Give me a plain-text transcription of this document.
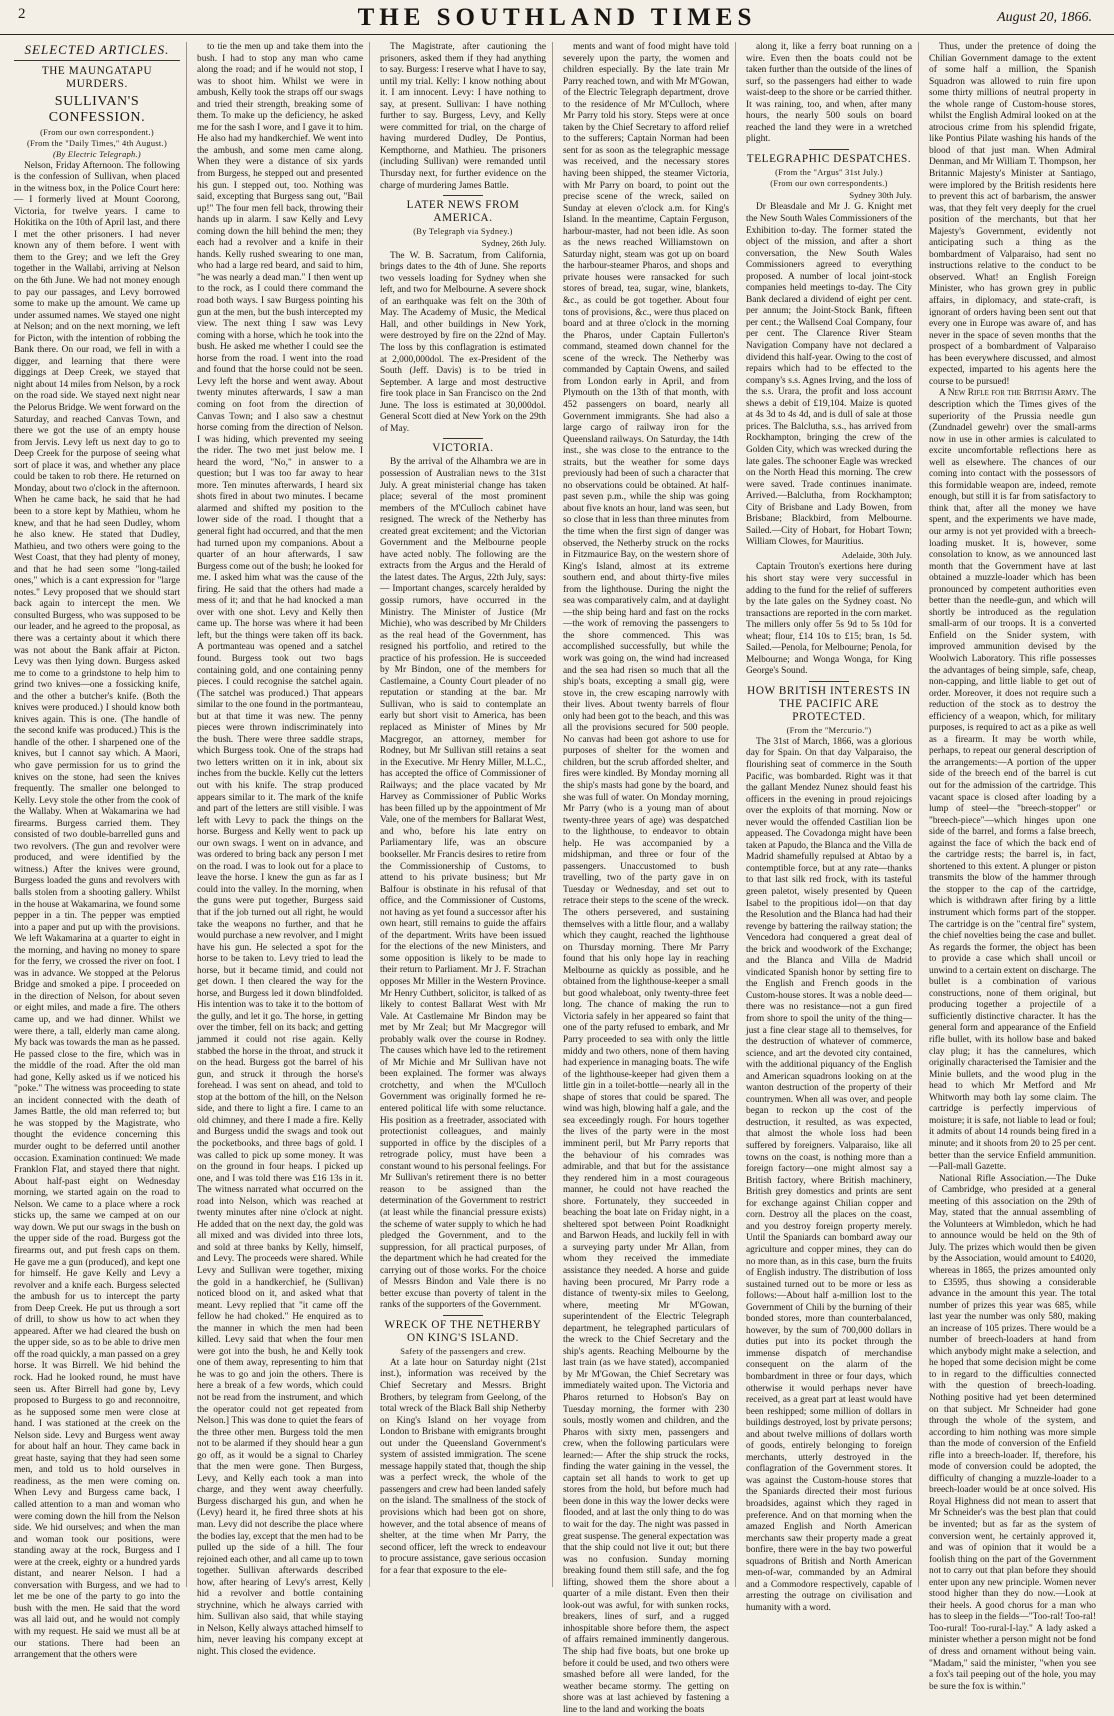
2	THE SOUTHLAND TIMES	August 20, 1866.
SELECTED ARTICLES.
THE MAUNGATAPU MURDERS.
SULLIVAN'S CONFESSION.
(From our own correspondent.)
(From the "Daily Times," 4th August.)
(By Electric Telegraph.)

Nelson, Friday Afternoon. The following is the confession of Sullivan, when placed in the witness box, in the Police Court here:— I formerly lived at Mount Coorong, Victoria, for twelve years. I came to Hokitika on the 10th of April last, and there I met the other prisoners. I had never known any of them before. I went with them to the Grey; and we left the Grey together in the Wallabi, arriving at Nelson on the 6th June. We had not money enough to pay our passages, and Levy borrowed some to make up the amount. We came up under assumed names. We stayed one night at Nelson; and on the next morning, we left for Picton, with the intention of robbing the Bank there. On our road, we fell in with a digger, and learning that there were diggings at Deep Creek, we stayed that night about 14 miles from Nelson, by a rock on the road side. We stayed next night near the Pelorus Bridge. We went forward on the Saturday, and reached Canvas Town, and there we got the use of an empty house from Jervis. Levy left us next day to go to Deep Creek for the purpose of seeing what sort of place it was, and whether any place could be taken to rob there. He returned on Monday, about two o'clock in the afternoon. When he came back, he said that he had been to a store kept by Mathieu, whom he knew, and that he had seen Dudley, whom he also knew. He stated that Dudley, Mathieu, and two others were going to the West Coast, that they had plenty of money, and that he had seen some "long-tailed ones," which is a cant expression for "large notes." Levy proposed that we should start back again to intercept the men. We consulted Burgess, who was supposed to be our leader, and he agreed to the proposal, as there was a certainty about it which there was not about the Bank affair at Picton. Levy was then lying down. Burgess asked me to come to a grindstone to help him to grind two knives—one a fossicking knife, and the other a butcher's knife. (Both the knives were produced.) I should know both knives again. This is one. (The handle of the second knife was produced.) This is the handle of the other. I sharpened one of the knives, but I cannot say which. A Maori, who gave permission for us to grind the knives on the stone, had seen the knives frequently. The smaller one belonged to Kelly. Levy stole the other from the cook of the Wallaby. When at Wakamarina we had firearms. Burgess carried them. They consisted of two double-barrelled guns and two revolvers. (The gun and revolver were produced, and were identified by the witness.) After the knives were ground, Burgess loaded the guns and revolvers with balls stolen from a shooting gallery. Whilst in the house at Wakamarina, we found some pepper in a tin. The pepper was emptied into a paper and put up with the provisions. We left Wakamarina at a quarter to eight in the morning, and having no money to spare for the ferry, we crossed the river on foot. I was in advance. We stopped at the Pelorus Bridge and smoked a pipe. I proceeded on in the direction of Nelson, for about seven or eight miles, and made a fire. The others came up, and we had dinner. Whilst we were there, a tall, elderly man came along. My back was towards the man as he passed. He passed close to the fire, which was in the middle of the road. After the old man had gone, Kelly asked us if we noticed his "poke." The witness was proceeding to state an incident connected with the death of James Battle, the old man referred to; but he was stopped by the Magistrate, who thought the evidence concerning this murder ought to be deferred until another occasion. Examination continued: We made Franklon Flat, and stayed there that night. About half-past eight on Wednesday morning, we started again on the road to Nelson. We came to a place where a rock sticks up, the same we camped at on our way down. We put our swags in the bush on the upper side of the road. Burgess got the firearms out, and put fresh caps on them. He gave me a gun (produced), and kept one for himself. He gave Kelly and Levy a revolver and a knife each. Burgess selected the ambush for us to intercept the party from Deep Creek. He put us through a sort of drill, to show us how to act when they appeared. After we had cleared the bush on the upper side, so as to be able to drive men off the road quickly, a man passed on a grey horse. It was Birrell. We hid behind the rock. Had he looked round, he must have seen us. After Birrell had gone by, Levy proposed to Burgess to go and reconnoitre, as he supposed some men were close at hand. I was stationed at the creek on the Nelson side. Levy and Burgess went away for about half an hour. They came back in great haste, saying that they had seen some men, and told us to hold ourselves in readiness, as the men were coming on. When Levy and Burgess came back, I called attention to a man and woman who were coming down the hill from the Nelson side. We hid ourselves; and when the man and woman took our positions, were standing away at the rock, Burgess and I were at the creek, eighty or a hundred yards distant, and nearer Nelson. I had a conversation with Burgess, and we had to let me be one of the party to go into the bush with the men. He said that the word was all laid out, and he would not comply with my request. He said we must all be at our stations. There had been an arrangement that the others were

to tie the men up and take them into the bush. I had to stop any man who came along the road; and if he would not stop, I was to shoot him. Whilst we were in ambush, Kelly took the straps off our swags and tried their strength, breaking some of them. To make up the deficiency, he asked me for the sash I wore, and I gave it to him. He also had my handkerchief. We went into the ambush, and some men came along. When they were a distance of six yards from Burgess, he stepped out and presented his gun. I stepped out, too. Nothing was said, excepting that Burgess sang out, "Bail up!" The four men fell back, throwing their hands up in alarm. I saw Kelly and Levy coming down the hill behind the men; they each had a revolver and a knife in their hands. Kelly rushed swearing to one man, who had a large red beard, and said to him, "he was nearly a dead man." I then went up to the rock, as I could there command the road both ways. I saw Burgess pointing his gun at the men, but the bush intercepted my view. The next thing I saw was Levy coming with a horse, which he took into the bush. He asked me whether I could see the horse from the road. I went into the road and found that the horse could not be seen. Levy left the horse and went away. About twenty minutes afterwards, I saw a man coming on foot from the direction of Canvas Town; and I also saw a chestnut horse coming from the direction of Nelson. I was hiding, which prevented my seeing the rider. The two met just below me. I heard the word, "No," in answer to a question; but I was too far away to hear more. Ten minutes afterwards, I heard six shots fired in about two minutes. I became alarmed and shifted my position to the lower side of the road. I thought that a general fight had occurred, and that the men had turned upon my companions. About a quarter of an hour afterwards, I saw Burgess come out of the bush; he looked for me. I asked him what was the cause of the firing. He said that the others had made a mess of it; and that he had knocked a man over with one shot. Levy and Kelly then came up. The horse was where it had been left, but the things were taken off its back. A portmanteau was opened and a satchel found. Burgess took out two bags containing gold, and one containing penny pieces. I could recognise the satchel again. (The satchel was produced.) That appears similar to the one found in the portmanteau, but at that time it was new. The penny pieces were thrown indiscriminately into the bush. There were three saddle straps, which Burgess took. One of the straps had two letters written on it in ink, about six inches from the buckle. Kelly cut the letters out with his knife. The strap produced appears similar to it. The mark of the knife and part of the letters are still visible. I was left with Levy to pack the things on the horse. Burgess and Kelly went to pack up our own swags. I went on in advance, and was ordered to bring back any person I met on the road. I was to look out for a place to leave the horse. I knew the gun as far as I could into the valley. In the morning, when the guns were put together, Burgess said that if the job turned out all right, he would take the weapons no further, and that he would purchase a new revolver, and I might have his gun. He selected a spot for the horse to be taken to. Levy tried to lead the horse, but it became timid, and could not get down. I then cleared the way for the horse, and Burgess led it down blindfolded. His intention was to take it to the bottom of the gully, and let it go. The horse, in getting over the timber, fell on its back; and getting jammed it could not rise again. Kelly stabbed the horse in the throat, and struck it on the head. Burgess got the barrel of his gun, and struck it through the horse's forehead. I was sent on ahead, and told to stop at the bottom of the hill, on the Nelson side, and there to light a fire. I came to an old chimney, and there I made a fire. Kelly and Burgess undid the swags and took out the pocketbooks, and three bags of gold. I was called to pick up some money. It was on the ground in four heaps. I picked up one, and I was told there was £16 13s in it. The witness narrated what occurred on the road into Nelson, which was reached at twenty minutes after nine o'clock at night. He added that on the next day, the gold was all mixed and was divided into three lots, and sold at three banks by Kelly, himself, and Levy. The proceeds were shared. While Levy and Sullivan were together, mixing the gold in a handkerchief, he (Sullivan) noticed blood on it, and asked what that meant. Levy replied that "it came off the fellow he had choked." He enquired as to the manner in which the men had been killed. Levy said that when the four men were got into the bush, he and Kelly took one of them away, representing to him that he was to go and join the others. There is here a break of a few words, which could not be read from the instrument, and which the operator could not get repeated from Nelson.] This was done to quiet the fears of the three other men. Burgess told the men not to be alarmed if they should hear a gun go off, as it would be a signal to Charley that the men were gone. Then Burgess, Levy, and Kelly each took a man into charge, and they went away cheerfully. Burgess discharged his gun, and when he (Levy) heard it, he fired three shots at his man. Levy did not describe the place where the bodies lay, except that the men had to be pulled up the side of a hill. The four rejoined each other, and all came up to town together. Sullivan afterwards described how, after hearing of Levy's arrest, Kelly hid a revolver and bottle containing strychnine, which he always carried with him. Sullivan also said, that while staying in Nelson, Kelly always attached himself to him, never leaving his company except at night. This closed the evidence.

The Magistrate, after cautioning the prisoners, asked them if they had anything to say. Burgess: I reserve what I have to say, until my trial. Kelly: I know nothing about it. I am innocent. Levy: I have nothing to say, at present. Sullivan: I have nothing further to say. Burgess, Levy, and Kelly were committed for trial, on the charge of having murdered Dudley, De Pontius, Kempthorne, and Mathieu. The prisoners (including Sullivan) were remanded until Thursday next, for further evidence on the charge of murdering James Battle.

LATER NEWS FROM AMERICA.
(By Telegraph via Sydney.)
Sydney, 26th July.

The W. B. Sacratum, from California, brings dates to the 4th of June. She reports two vessels loading for Sydney when she left, and two for Melbourne. A severe shock of an earthquake was felt on the 30th of May. The Academy of Music, the Medical Hall, and other buildings in New York, were destroyed by fire on the 22nd of May. The loss by this conflagration is estimated at 2,000,000dol. The ex-President of the South (Jeff. Davis) is to be tried in September. A large and most destructive fire took place in San Francisco on the 2nd June. The loss is estimated at 30,000dol. General Scott died at New York on the 29th of May.

VICTORIA.

By the arrival of the Alhambra we are in possession of Australian news to the 31st July. A great ministerial change has taken place; several of the most prominent members of the M'Culloch cabinet have resigned. The wreck of the Netherby has created great excitement; and the Victorian Government and the Melbourne people have acted nobly. The following are the extracts from the Argus and the Herald of the latest dates. The Argus, 22th July, says:— Important changes, scarcely heralded by gossip rumors, have occurred in the Ministry. The Minister of Justice (Mr Michie), who was described by Mr Childers as the real head of the Government, has resigned his portfolio, and retired to the practice of his profession. He is succeeded by Mr Bindon, one of the members for Castlemaine, a County Court pleader of no reputation or standing at the bar. Mr Sullivan, who is said to contemplate an early but short visit to America, has been replaced as Minister of Mines by Mr Macgregor, an attorney, member for Rodney, but Mr Sullivan still retains a seat in the Executive. Mr Henry Miller, M.L.C., has accepted the office of Commissioner of Railways; and the place vacated by Mr Harvey as Commissioner of Public Works has been filled up by the appointment of Mr Vale, one of the members for Ballarat West, and who, before his late entry on Parliamentary life, was an obscure bookseller. Mr Francis desires to retire from the Commissionership of Customs, to attend to his private business; but Mr Balfour is obstinate in his refusal of that office, and the Commissioner of Customs, not having as yet found a successor after his own heart, still remains to guide the affairs of the department. Writs have been issued for the elections of the new Ministers, and some opposition is likely to be made to their return to Parliament. Mr J. F. Strachan opposes Mr Miller in the Western Province. Mr Henry Cuthbert, solicitor, is talked of as likely to contest Ballarat West with Mr Vale. At Castlemaine Mr Bindon may be met by Mr Zeal; but Mr Macgregor will probably walk over the course in Rodney. The causes which have led to the retirement of Mr Michie and Mr Sullivan have not been explained. The former was always crotchetty, and when the M'Culloch Government was originally formed he re-entered political life with some reluctance. His position as a freetrader, associated with protectionist colleagues, and mainly supported in office by the disciples of a retrograde policy, must have been a constant wound to his personal feelings. For Mr Sullivan's retirement there is no better reason to be assigned than the determination of the Government to restrict (at least while the financial pressure exists) the scheme of water supply to which he had pledged the Government, and to the suppression, for all practical purposes, of the department which he had created for the carrying out of those works. For the choice of Messrs Bindon and Vale there is no better excuse than poverty of talent in the ranks of the supporters of the Government.

WRECK OF THE NETHERBY ON KING'S ISLAND.
Safety of the passengers and crew.

At a late hour on Saturday night (21st inst.), information was received by the Chief Secretary and Messrs. Bright Brothers, by telegram from Geelong, of the total wreck of the Black Ball ship Netherby on King's Island on her voyage from London to Brisbane with emigrants brought out under the Queensland Government's system of assisted immigration. The scene message happily stated that, though the ship was a perfect wreck, the whole of the passengers and crew had been landed safely on the island. The smallness of the stock of provisions which had been got on shore, however, and the total absence of means of shelter, at the time when Mr Parry, the second officer, left the wreck to endeavour to procure assistance, gave serious occasion for a fear that exposure to the ele-

ments and want of food might have told severely upon the party, the women and children especially. By the late train Mr Parry reached town, and with Mr M'Gowan, of the Electric Telegraph department, drove to the residence of Mr M'Culloch, where Mr Parry told his story. Steps were at once taken by the Chief Secretary to afford relief to the sufferers; Captain Norman had been sent for as soon as the telegraphic message was received, and the necessary stores having been shipped, the steamer Victoria, with Mr Parry on board, to point out the precise scene of the wreck, sailed on Sunday at eleven o'clock a.m. for King's Island. In the meantime, Captain Ferguson, harbour-master, had not been idle. As soon as the news reached Williamstown on Saturday night, steam was got up on board the harbour-steamer Pharos, and shops and private houses were ransacked for such stores of bread, tea, sugar, wine, blankets, &c., as could be got together. About four tons of provisions, &c., were thus placed on board and at three o'clock in the morning the Pharos, under Captain Fullerton's command, steamed down channel for the scene of the wreck. The Netherby was commanded by Captain Owens, and sailed from London early in April, and from Plymouth on the 13th of that month, with 452 passengers on board, nearly all Government immigrants. She had also a large cargo of railway iron for the Queensland railways. On Saturday, the 14th inst., she was close to the entrance to the straits, but the weather for some days previously had been of such a character that no observations could be obtained. At half-past seven p.m., while the ship was going about five knots an hour, land was seen, but so close that in less than three minutes from the time when the first sign of danger was observed, the Netherby struck on the rocks in Fitzmaurice Bay, on the western shore of King's Island, almost at its extreme southern end, and about thirty-five miles from the lighthouse. During the night the sea was comparatively calm, and at daylight—the ship being hard and fast on the rocks—the work of removing the passengers to the shore commenced. This was accomplished successfully, but while the work was going on, the wind had increased and the sea had risen so much that all the ship's boats, excepting a small gig, were stove in, the crew escaping narrowly with their lives. About twenty barrels of flour only had been got to the beach, and this was all the provisions secured for 500 people. No canvas had been got ashore to use for purposes of shelter for the women and children, but the scrub afforded shelter, and fires were kindled. By Monday morning all the ship's masts had gone by the board, and she was full of water. On Monday morning, Mr Parry (who is a young man of about twenty-three years of age) was despatched to the lighthouse, to endeavor to obtain help. He was accompanied by a midshipman, and three or four of the passengers. Unaccustomed to bush travelling, two of the party gave in on Tuesday or Wednesday, and set out to retrace their steps to the scene of the wreck. The others persevered, and sustaining themselves with a little flour, and a wallaby which they caught, reached the lighthouse on Thursday morning. There Mr Parry found that his only hope lay in reaching Melbourne as quickly as possible, and he obtained from the lighthouse-keeper a small but good whaleboat, only twenty-three feet long. The chance of making the run to Victoria safely in her appeared so faint that one of the party refused to embark, and Mr Parry proceeded to sea with only the little middy and two others, none of them having had experience in managing boats. The wife of the lighthouse-keeper had given them a little gin in a toilet-bottle—nearly all in the shape of stores that could be spared. The wind was high, blowing half a gale, and the sea exceedingly rough. For hours together the lives of the party were in the most imminent peril, but Mr Parry reports that the behaviour of his comrades was admirable, and that but for the assistance they rendered him in a most courageous manner, he could not have reached the shore. Fortunately, they succeeded in beaching the boat late on Friday night, in a sheltered spot between Point Roadknight and Barwon Heads, and luckily fell in with a surveying party under Mr Allan, from whom they received the immediate assistance they needed. A horse and guide having been procured, Mr Parry rode a distance of twenty-six miles to Geelong, where, meeting Mr M'Gowan, superintendent of the Electric Telegraph department, he telegraphed particulars of the wreck to the Chief Secretary and the ship's agents. Reaching Melbourne by the last train (as we have stated), accompanied by Mr M'Gowan, the Chief Secretary was immediately waited upon. The Victoria and Pharos returned to Hobson's Bay on Tuesday morning, the former with 230 souls, mostly women and children, and the Pharos with sixty men, passengers and crew, when the following particulars were learned:— After the ship struck the rocks, finding the water gaining in the vessel, the captain set all hands to work to get up stores from the hold, but before much had been done in this way the lower decks were flooded, and at last the only thing to do was to wait for the day. The night was passed in great suspense. The general expectation was that the ship could not live it out; but there was no confusion. Sunday morning breaking found them still safe, and the fog lifting, showed them the shore about a quarter of a mile distant. Even then their look-out was awful, for with sunken rocks, breakers, lines of surf, and a rugged inhospitable shore before them, the aspect of affairs remained imminently dangerous. The ship had five boats, but one broke up before it could be used, and two others were smashed before all were landed, for the weather became stormy. The getting on shore was at last achieved by fastening a line to the land and working the boats

along it, like a ferry boat running on a wire. Even then the boats could not be taken further than the outside of the lines of surf, so the passengers had either to wade waist-deep to the shore or be carried thither. It was raining, too, and when, after many hours, the nearly 500 souls on board reached the land they were in a wretched plight.

TELEGRAPHIC DESPATCHES.
(From the "Argus" 31st July.)
(From our own correspondents.)
Sydney 30th July.

Dr Bleasdale and Mr J. G. Knight met the New South Wales Commissioners of the Exhibition to-day. The former stated the object of the mission, and after a short conversation, the New South Wales Commissioners agreed to everything proposed. A number of local joint-stock companies held meetings to-day. The City Bank declared a dividend of eight per cent. per annum; the Joint-Stock Bank, fifteen per cent.; the Wallsend Coal Company, four per cent. The Clarence River Steam Navigation Company have not declared a dividend this half-year. Owing to the cost of repairs which had to be effected to the company's s.s. Agnes Irving, and the loss of the s.s. Urara, the profit and loss account shews a debit of £19,104. Maize is quoted at 4s 3d to 4s 4d, and is dull of sale at those prices. The Balclutha, s.s., has arrived from Rockhampton, bringing the crew of the Golden City, which was wrecked during the late gales. The schooner Eagle was wrecked on the North Head this morning. The crew were saved. Trade continues inanimate. Arrived.—Balclutha, from Rockhampton; City of Brisbane and Lady Bowen, from Brisbane; Blackbird, from Melbourne. Sailed.—City of Hobart, for Hobart Town; William Clowes, for Mauritius.

Adelaide, 30th July.

Captain Trouton's exertions here during his short stay were very successful in adding to the fund for the relief of sufferers by the late gales on the Sydney coast. No transactions are reported in the corn market. The millers only offer 5s 9d to 5s 10d for wheat; flour, £14 10s to £15; bran, 1s 5d. Sailed.—Penola, for Melbourne; Penola, for Melbourne; and Wonga Wonga, for King George's Sound.

HOW BRITISH INTERESTS IN THE PACIFIC ARE PROTECTED.
(From the "Mercurio.")

The 31st of March, 1866, was a glorious day for Spain. On that day Valparaiso, the flourishing seat of commerce in the South Pacific, was bombarded. Right was it that the gallant Mendez Nunez should feast his officers in the evening in proud rejoicings over the exploits of that morning. Now or never would the offended Castilian lion be appeased. The Covadonga might have been taken at Papudo, the Blanca and the Villa de Madrid shamefully repulsed at Abtao by a contemptible force, but at any rate—thanks to that last silk red frock, with its tasteful green paletot, wisely presented by Queen Isabel to the propitious idol—on that day the Resolution and the Blanca had had their revenge by battering the railway station; the Vencedora had conquered a great deal of the brick and woodwork of the Exchange; and the Blanca and Villa de Madrid vindicated Spanish honor by setting fire to the English and French goods in the Custom-house stores. It was a noble deed—there was no resistance—not a gun fired from shore to spoil the unity of the thing—just a fine clear stage all to themselves, for the destruction of whatever of commerce, science, and art the devoted city contained, with the additional piquancy of the English and American squadrons looking on at the wanton destruction of the property of their countrymen. When all was over, and people began to reckon up the cost of the destruction, it resulted, as was expected, that almost the whole loss had been suffered by foreigners. Valparaiso, like all towns on the coast, is nothing more than a foreign factory—one might almost say a British factory, where British machinery, British grey domestics and prints are sent for exchange against Chilian copper and corn. Destroy all the places on the coast, and you destroy foreign property merely. Until the Spaniards can bombard away our agriculture and copper mines, they can do no more than, as in this case, burn the fruits of English industry. The distribution of loss sustained turned out to be more or less as follows:—About half a-million lost to the Government of Chili by the burning of their bonded stores, more than counterbalanced, however, by the sum of 700,000 dollars in duties put into its pocket through the immense dispatch of merchandise consequent on the alarm of the bombardment in three or four days, which otherwise it would perhaps never have received, as a great part at least would have been reshipped; some million of dollars in buildings destroyed, lost by private persons; and about twelve millions of dollars worth of goods, entirely belonging to foreign merchants, utterly destroyed in the conflagration of the Government stores. It was against the Custom-house stores that the Spaniards directed their most furious broadsides, against which they raged in preference. And on that morning when the amazed English and North American merchants saw their property made a great bonfire, there were in the bay two powerful squadrons of British and North American men-of-war, commanded by an Admiral and a Commodore respectively, capable of arresting the outrage on civilisation and humanity with a word.

Thus, under the pretence of doing the Chilian Government damage to the extent of some half a million, the Spanish Squadron was allowed to ruin fire upon some thirty millions of neutral property in the whole range of Custom-house stores, whilst the English Admiral looked on at the atrocious crime from his splendid frigate, like Pontius Pilate washing his hands of the blood of that just man. When Admiral Denman, and Mr William T. Thompson, her Britannic Majesty's Minister at Santiago, were implored by the British residents here to prevent this act of barbarism, the answer was, that they felt very deeply for the cruel position of the merchants, but that her Majesty's Government, evidently not anticipating such a thing as the bombardment of Valparaiso, had sent no instructions relative to the conduct to be observed. What! an English Foreign Minister, who has grown grey in public affairs, in diplomacy, and state-craft, is ignorant of orders having been sent out that every one in Europe was aware of, and has never in the space of seven months that the prospect of a bombardment of Valparaiso has been everywhere discussed, and almost expected, imparted to his agents here the course to be pursued!

A New Rifle for the British Army. The description which the Times gives of the superiority of the Prussia needle gun (Zundnadel gewehr) over the small-arms now in use in other armies is calculated to excite uncomfortable reflections here as well as elsewhere. The chances of our coming into contact with the possessors of this formidable weapon are, indeed, remote enough, but still it is far from satisfactory to think that, after all the money we have spent, and the experiments we have made, our army is not yet provided with a breech-loading musket. It is, however, some consolation to know, as we announced last month that the Government have at last obtained a muzzle-loader which has been pronounced by competent authorities even better than the needle-gun, and which will shortly be introduced as the regulation small-arm of our troops. It is a converted Enfield on the Snider system, with improved ammunition devised by the Woolwich Laboratory. This rifle possesses the advantages of being simple, safe, cheap, non-capping, and little liable to get out of order. Moreover, it does not require such a reduction of the stock as to destroy the efficiency of a weapon, which, for military purposes, is required to act as a pike as well as a firearm. It may be worth while, perhaps, to repeat our general description of the arrangements:—A portion of the upper side of the breech end of the barrel is cut out for the admission of the cartridge. This vacant space is closed after loading by a lump of steel—the "breech-stopper" or "breech-piece"—which hinges upon one side of the barrel, and forms a false breech, against the face of which the back end of the cartridge rests; the barrel is, in fact, shortened to this extent. A plunger or piston transmits the blow of the hammer through the stopper to the cap of the cartridge, which is withdrawn after firing by a little instrument which forms part of the stopper. The cartridge is on the "central fire" system, the chief novelties being the case and bullet. As regards the former, the object has been to provide a case which shall uncoil or unwind to a certain extent on discharge. The bullet is a combination of various constructions, none of them original, but producing together a projectile of a sufficiently distinctive character. It has the general form and appearance of the Enfield rifle bullet, with its hollow base and baked clay plug; it has the cannelures, which originally characterised the Tamisier and the Minie bullets, and the wood plug in the head to which Mr Metford and Mr Whitworth may both lay some claim. The cartridge is perfectly impervious of moisture; it is safe, not liable to lead or foul; it admits of about 14 rounds being fired in a minute; and it shoots from 20 to 25 per cent. better than the service Enfield ammunition.—Pall-mall Gazette.

National Rifle Association.—The Duke of Cambridge, who presided at a general meeting of this association on the 29th of May, stated that the annual assembling of the Volunteers at Wimbledon, which he had to announce would be held on the 9th of July. The prizes which would then be given by the Association, would amount to £4020, whereas in 1865, the prizes amounted only to £3595, thus showing a considerable advance in the amount this year. The total number of prizes this year was 685, while last year the number was only 580, making an increase of 105 prizes. There would be a number of breech-loaders at hand from which anybody might make a selection, and he hoped that some decision might be come to in regard to the difficulties connected with the question of breech-loading. Nothing positive had yet been determined on that subject. Mr Schneider had gone through the whole of the system, and according to him nothing was more simple than the mode of conversion of the Enfield rifle into a breech-loader. If, therefore, his mode of conversion could be adopted, the difficulty of changing a muzzle-loader to a breech-loader would be at once solved. His Royal Highness did not mean to assert that Mr Schneider's was the best plan that could be invented; but as far as the system of conversion went, he certainly approved it, and was of opinion that it would be a foolish thing on the part of the Government not to carry out that plan before they should enter upon any new principle. Women never stood higher than they do now.—Look at their heels. A good chorus for a man who has to sleep in the fields—"Too-ral! Too-ral! Too-rural! Too-rural-I-lay." A lady asked a minister whether a person might not be fond of dress and ornament without being vain. "Madam," said the minister, "when you see a fox's tail peeping out of the hole, you may be sure the fox is within."
